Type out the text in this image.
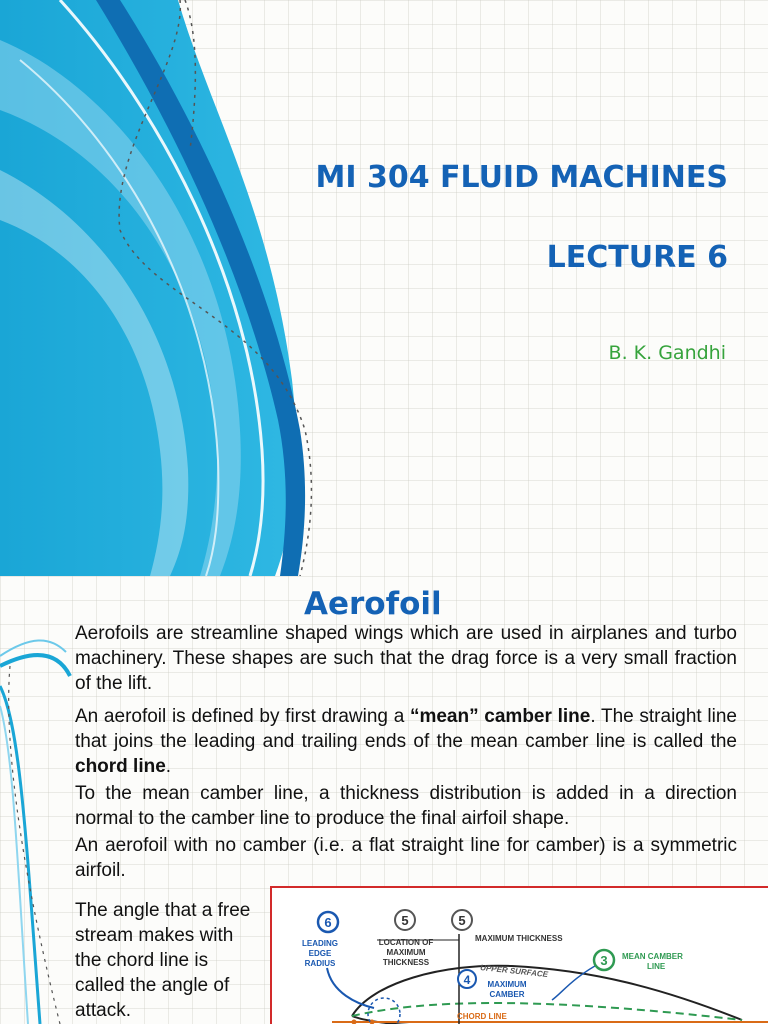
MI 304 FLUID MACHINES
LECTURE 6

B. K. Gandhi

Aerofoil

Aerofoils are streamline shaped wings which are used in airplanes and turbo machinery. These shapes are such that the drag force is a very small fraction of the lift.

An aerofoil is defined by first drawing a “mean” camber line. The straight line that joins the leading and trailing ends of the mean camber line is called the chord line.

To the mean camber line, a thickness distribution is added in a direction normal to the camber line to produce the final airfoil shape.

An aerofoil with no camber (i.e. a flat straight line for camber) is a symmetric airfoil.

The angle that a free stream makes with the chord line is called the angle of attack.

6	5	5
3
4
LEADING
EDGE
RADIUS
LOCATION OF
MAXIMUM
THICKNESS
MAXIMUM THICKNESS
UPPER SURFACE
MEAN CAMBER
LINE
MAXIMUM
CAMBER
CHORD LINE
